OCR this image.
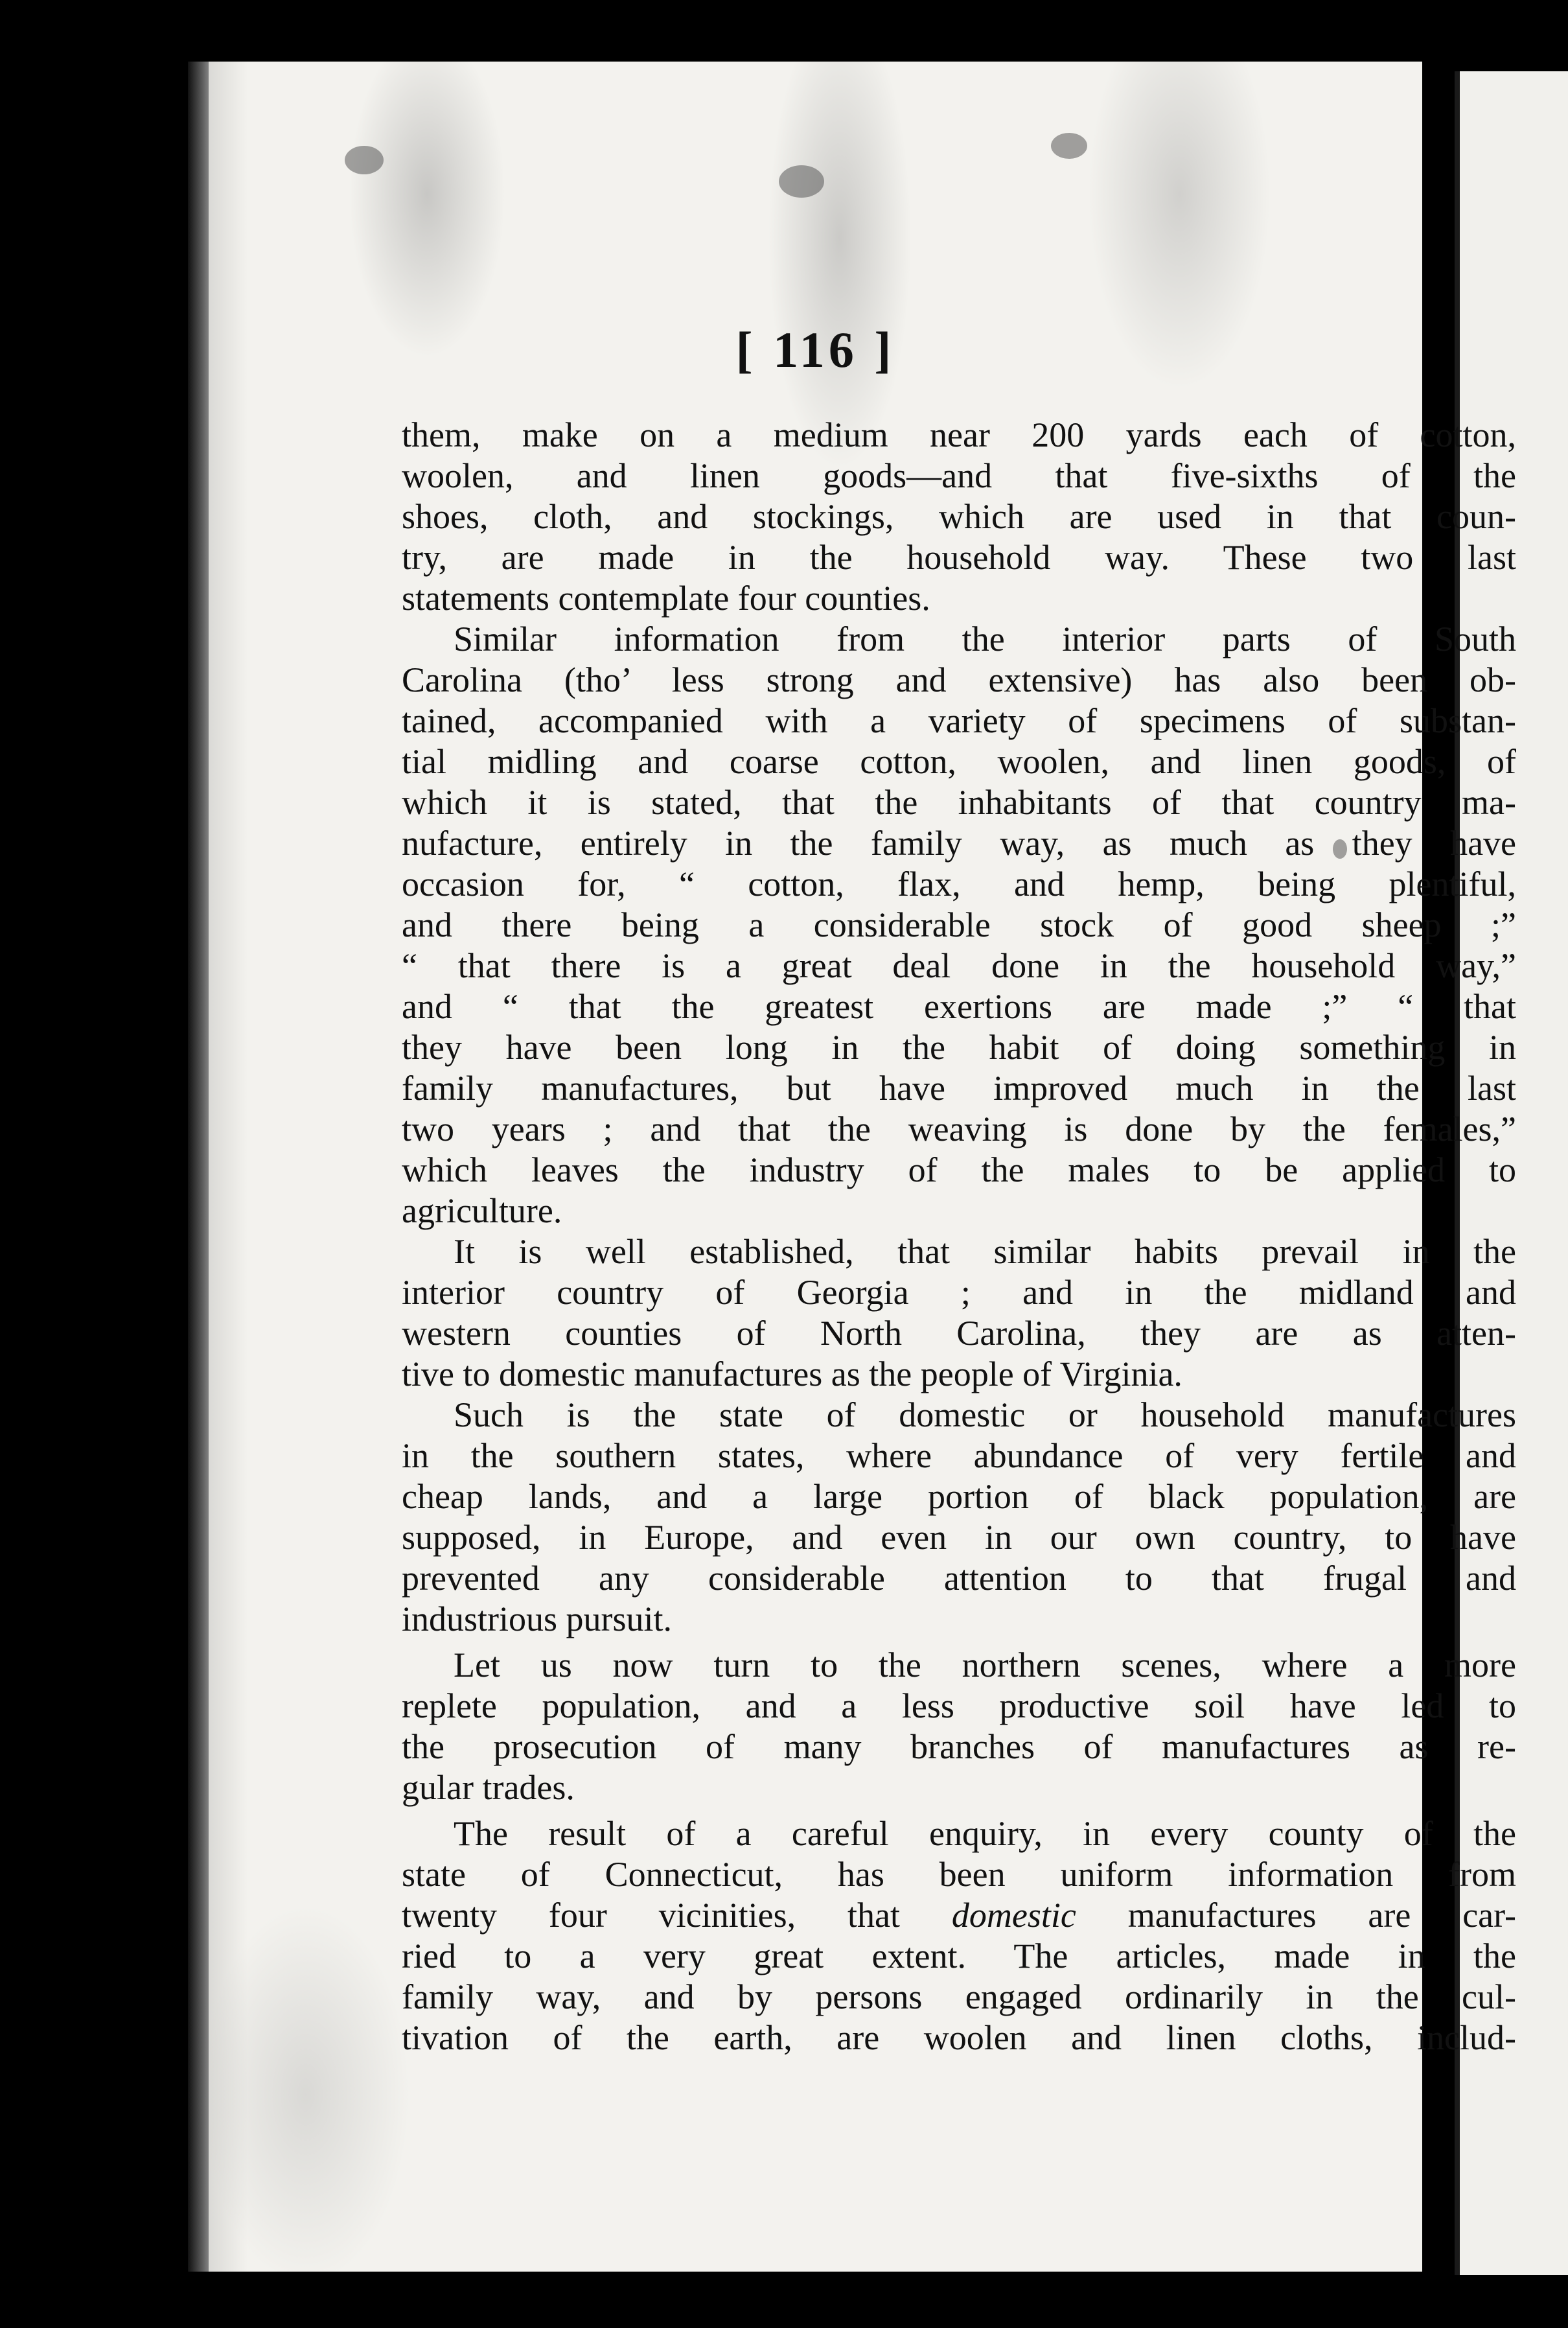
[ 116 ]
them, make on a medium near 200 yards each of cotton,
woolen, and linen goods—and that five-sixths of the
shoes, cloth, and stockings, which are used in that coun-
try, are made in the household way. These two last
statements contemplate four counties.
Similar information from the interior parts of South
Carolina (tho’ less strong and extensive) has also been ob-
tained, accompanied with a variety of specimens of substan-
tial midling and coarse cotton, woolen, and linen goods, of
which it is stated, that the inhabitants of that country ma-
nufacture, entirely in the family way, as much as they have
occasion for, “ cotton, flax, and hemp, being plentiful,
and there being a considerable stock of good sheep ;”
“ that there is a great deal done in the household way,”
and “ that the greatest exertions are made ;” “ that
they have been long in the habit of doing something in
family manufactures, but have improved much in the last
two years ; and that the weaving is done by the females,”
which leaves the industry of the males to be applied to
agriculture.
It is well established, that similar habits prevail in the
interior country of Georgia ; and in the midland and
western counties of North Carolina, they are as atten-
tive to domestic manufactures as the people of Virginia.
Such is the state of domestic or household manufactures
in the southern states, where abundance of very fertile and
cheap lands, and a large portion of black population, are
supposed, in Europe, and even in our own country, to have
prevented any considerable attention to that frugal and
industrious pursuit.
Let us now turn to the northern scenes, where a more
replete population, and a less productive soil have led to
the prosecution of many branches of manufactures as re-
gular trades.
The result of a careful enquiry, in every county of the
state of Connecticut, has been uniform information from
twenty four vicinities, that domestic manufactures are car-
ried to a very great extent. The articles, made in the
family way, and by persons engaged ordinarily in the cul-
tivation of the earth, are woolen and linen cloths, includ-
